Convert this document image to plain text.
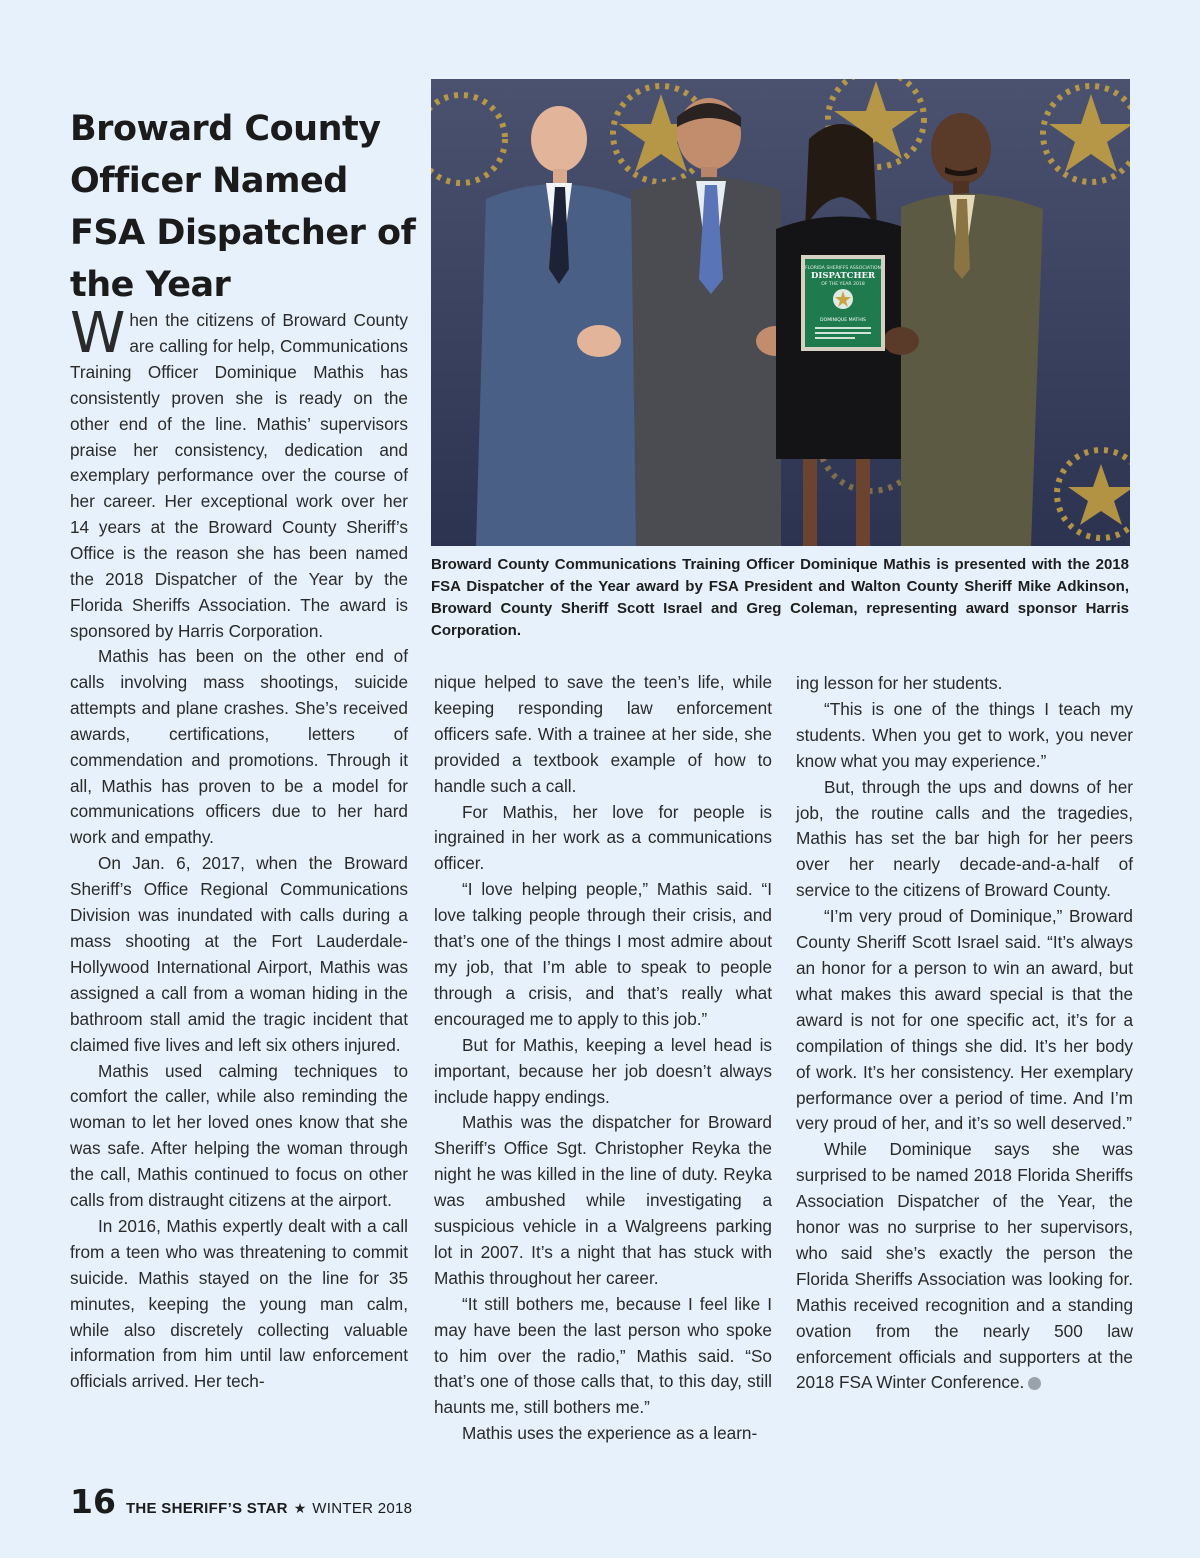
Broward County Officer Named FSA Dispatcher of the Year	FLORIDA SHERIFFS ASSOCIATION
DISPATCHER
OF THE YEAR 2018
DOMINIQUE MATHIS
Broward County Communications Training Officer Dominique Mathis is presented with the 2018 FSA Dispatcher of the Year award by FSA President and Walton County Sheriff Mike Adkinson, Broward County Sheriff Scott Israel and Greg Coleman, representing award sponsor Harris Corporation.

When the citizens of Broward County are calling for help, Communications Training Officer Dominique Mathis has consistently proven she is ready on the other end of the line. Mathis’ supervisors praise her consistency, dedication and exemplary performance over the course of her career. Her exceptional work over her 14 years at the Broward County Sheriff’s Office is the reason she has been named the 2018 Dispatcher of the Year by the Florida Sheriffs Association. The award is sponsored by Harris Corporation.

Mathis has been on the other end of calls involving mass shootings, suicide attempts and plane crashes. She’s received awards, certifications, letters of commendation and promotions. Through it all, Mathis has proven to be a model for communications officers due to her hard work and empathy.

On Jan. 6, 2017, when the Broward Sheriff’s Office Regional Communications Division was inundated with calls during a mass shooting at the Fort Lauderdale-Hollywood International Airport, Mathis was assigned a call from a woman hiding in the bathroom stall amid the tragic incident that claimed five lives and left six others injured.

Mathis used calming techniques to comfort the caller, while also reminding the woman to let her loved ones know that she was safe. After helping the woman through the call, Mathis continued to focus on other calls from distraught citizens at the airport.

In 2016, Mathis expertly dealt with a call from a teen who was threatening to commit suicide. Mathis stayed on the line for 35 minutes, keeping the young man calm, while also discretely collecting valuable information from him until law enforcement officials arrived. Her tech-

nique helped to save the teen’s life, while keeping responding law enforcement officers safe. With a trainee at her side, she provided a textbook example of how to handle such a call.

For Mathis, her love for people is ingrained in her work as a communications officer.

“I love helping people,” Mathis said. “I love talking people through their crisis, and that’s one of the things I most admire about my job, that I’m able to speak to people through a crisis, and that’s really what encouraged me to apply to this job.”

But for Mathis, keeping a level head is important, because her job doesn’t always include happy endings.

Mathis was the dispatcher for Broward Sheriff’s Office Sgt. Christopher Reyka the night he was killed in the line of duty. Reyka was ambushed while investigating a suspicious vehicle in a Walgreens parking lot in 2007. It’s a night that has stuck with Mathis throughout her career.

“It still bothers me, because I feel like I may have been the last person who spoke to him over the radio,” Mathis said. “So that’s one of those calls that, to this day, still haunts me, still bothers me.”

Mathis uses the experience as a learn-

ing lesson for her students.

“This is one of the things I teach my students. When you get to work, you never know what you may experience.”

But, through the ups and downs of her job, the routine calls and the tragedies, Mathis has set the bar high for her peers over her nearly decade-and-a-half of service to the citizens of Broward County.

“I’m very proud of Dominique,” Broward County Sheriff Scott Israel said. “It’s always an honor for a person to win an award, but what makes this award special is that the award is not for one specific act, it’s for a compilation of things she did. It’s her body of work. It’s her consistency. Her exemplary performance over a period of time. And I’m very proud of her, and it’s so well deserved.”

While Dominique says she was surprised to be named 2018 Florida Sheriffs Association Dispatcher of the Year, the honor was no surprise to her supervisors, who said she’s exactly the person the Florida Sheriffs Association was looking for. Mathis received recognition and a standing ovation from the nearly 500 law enforcement officials and supporters at the 2018 FSA Winter Conference.	★

16 THE SHERIFF’S STAR ★ WINTER 2018
